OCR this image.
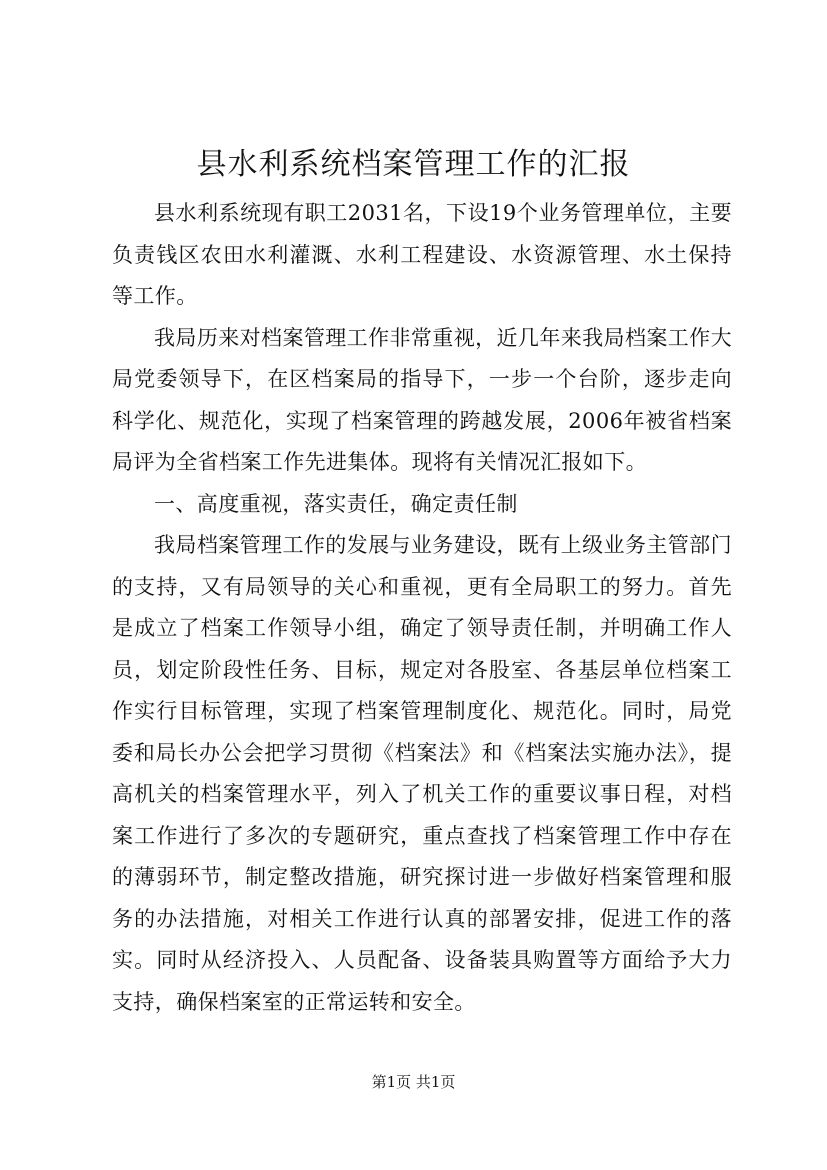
县水利系统档案管理工作的汇报

县水利系统现有职工2031名，下设19个业务管理单位，主要负责钱区农田水利灌溉、水利工程建设、水资源管理、水土保持等工作。

我局历来对档案管理工作非常重视，近几年来我局档案工作大局党委领导下，在区档案局的指导下，一步一个台阶，逐步走向科学化、规范化，实现了档案管理的跨越发展，2006年被省档案局评为全省档案工作先进集体。现将有关情况汇报如下。

一、高度重视，落实责任，确定责任制

我局档案管理工作的发展与业务建设，既有上级业务主管部门的支持，又有局领导的关心和重视，更有全局职工的努力。首先是成立了档案工作领导小组，确定了领导责任制，并明确工作人员，划定阶段性任务、目标，规定对各股室、各基层单位档案工作实行目标管理，实现了档案管理制度化、规范化。同时，局党委和局长办公会把学习贯彻《档案法》和《档案法实施办法》，提高机关的档案管理水平，列入了机关工作的重要议事日程，对档案工作进行了多次的专题研究，重点查找了档案管理工作中存在的薄弱环节，制定整改措施，研究探讨进一步做好档案管理和服务的办法措施，对相关工作进行认真的部署安排，促进工作的落实。同时从经济投入、人员配备、设备装具购置等方面给予大力支持，确保档案室的正常运转和安全。

第1页 共1页
